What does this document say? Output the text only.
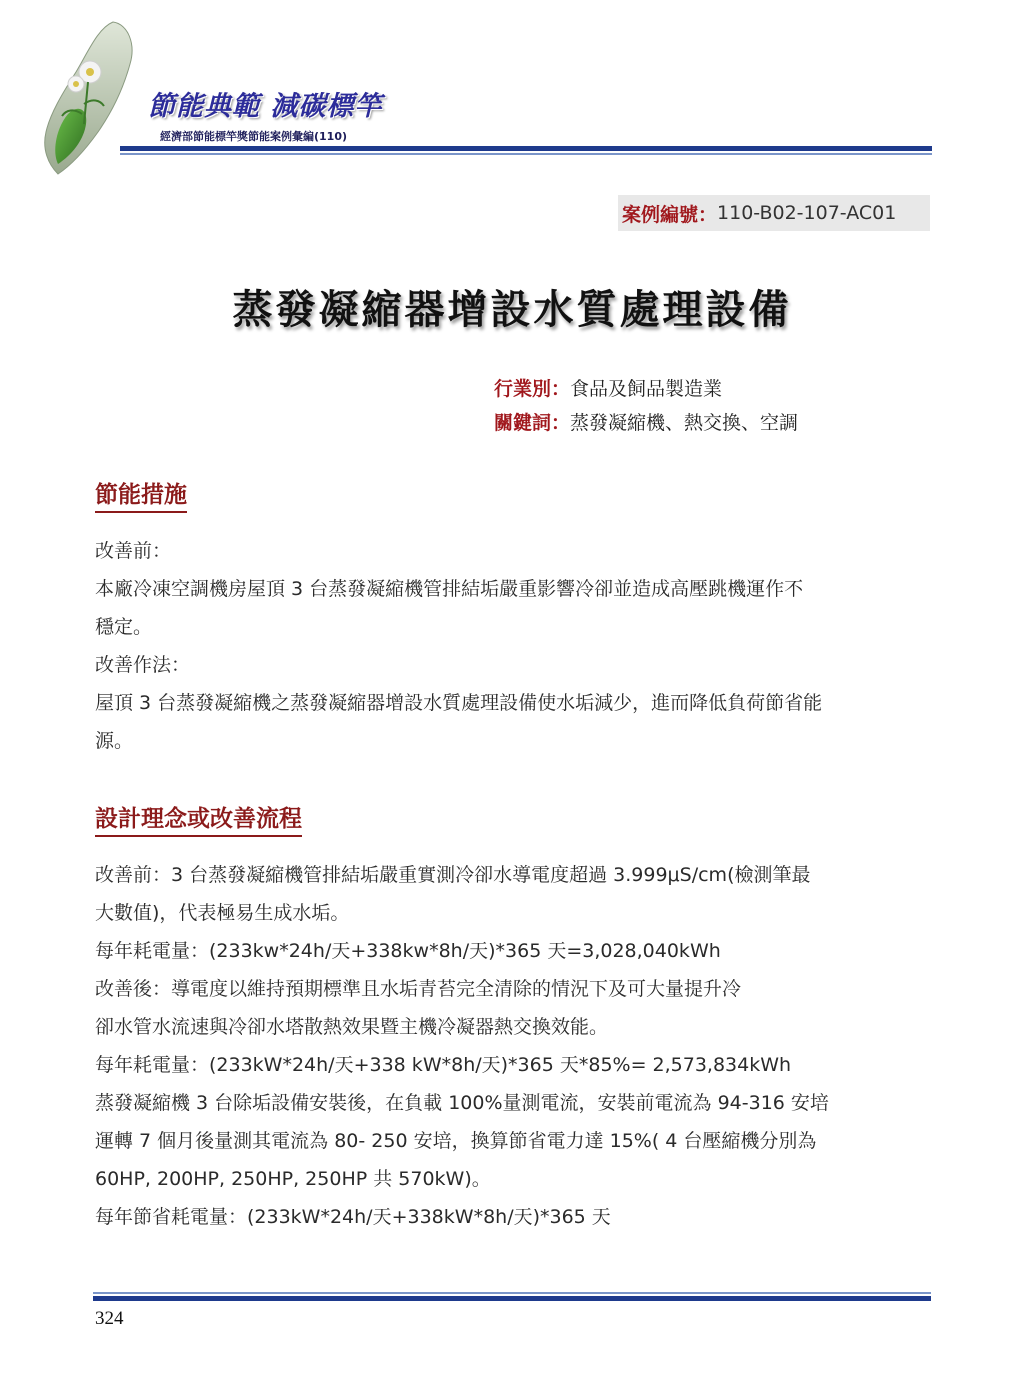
節能典範 減碳標竿
經濟部節能標竿獎節能案例彙編(110)
案例編號： 110-B02-107-AC01
蒸發凝縮器增設水質處理設備
行業別：食品及飼品製造業
關鍵詞：蒸發凝縮機、熱交換、空調
節能措施

改善前：

本廠冷凍空調機房屋頂 3 台蒸發凝縮機管排結垢嚴重影響冷卻並造成高壓跳機運作不

穩定。

改善作法：

屋頂 3 台蒸發凝縮機之蒸發凝縮器增設水質處理設備使水垢減少，進而降低負荷節省能

源。

設計理念或改善流程

改善前：3 台蒸發凝縮機管排結垢嚴重實測冷卻水導電度超過 3.999μS/cm(檢測筆最

大數值)，代表極易生成水垢。

每年耗電量：(233kw*24h/天+338kw*8h/天)*365 天=3,028,040kWh

改善後：導電度以維持預期標準且水垢青苔完全清除的情況下及可大量提升冷

卻水管水流速與冷卻水塔散熱效果暨主機冷凝器熱交換效能。

每年耗電量：(233kW*24h/天+338 kW*8h/天)*365 天*85%= 2,573,834kWh

蒸發凝縮機 3 台除垢設備安裝後，在負載 100%量測電流，安裝前電流為 94-316 安培

運轉 7 個月後量測其電流為 80- 250 安培，換算節省電力達 15%( 4 台壓縮機分別為

60HP, 200HP, 250HP, 250HP 共 570kW)。

每年節省耗電量：(233kW*24h/天+338kW*8h/天)*365 天

324
